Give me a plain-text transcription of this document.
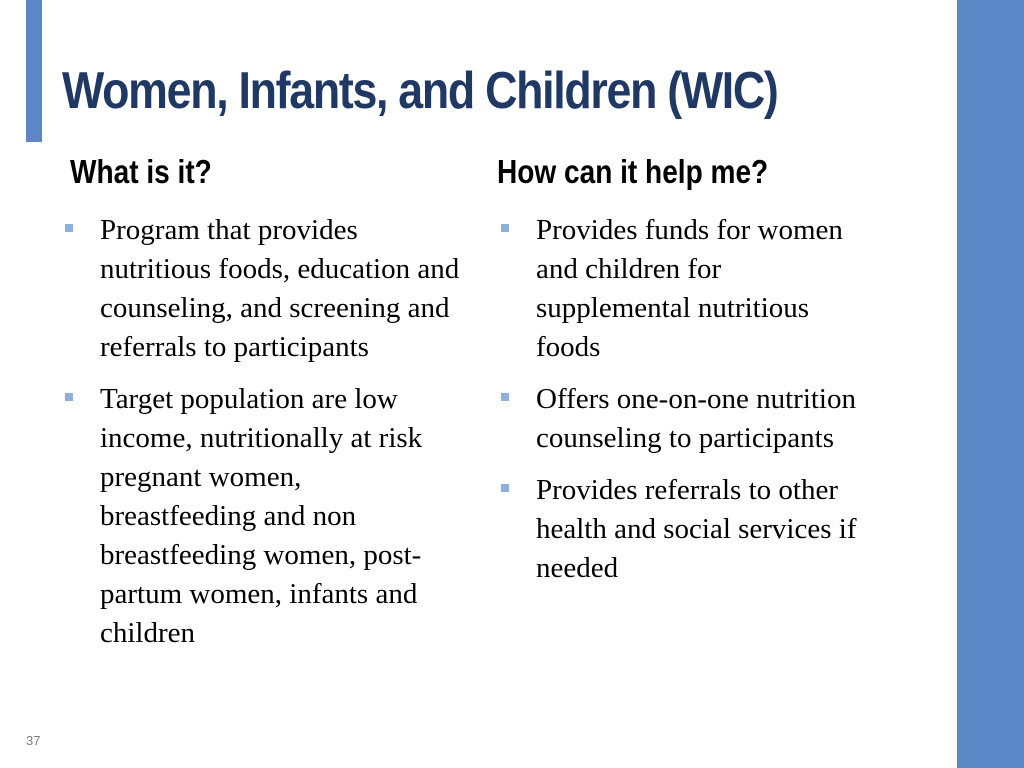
Women, Infants, and Children (WIC)
What is it?	How can it help me?
Program that provides nutritious foods, education and counseling, and screening and referrals to participants
Target population are low income, nutritionally at risk pregnant women, breastfeeding and non breastfeeding women, post-partum women, infants and children
Provides funds for women and children for supplemental nutritious foods
Offers one-on-one nutrition counseling to participants
Provides referrals to other health and social services if needed
37
